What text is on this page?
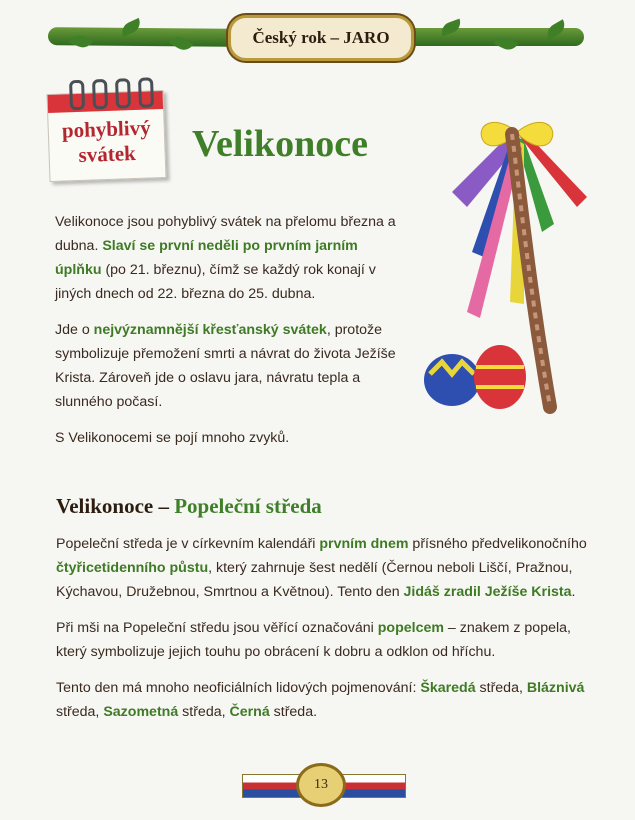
Český rok – JARO
pohyblivý
svátek	Velikonoce

Velikonoce jsou pohyblivý svátek na přelomu března a dubna. Slaví se první neděli po prvním jarním úplňku (po 21. březnu), čímž se každý rok konají v jiných dnech od 22. března do 25. dubna.

Jde o nejvýznamnější křesťanský svátek, protože symbolizuje přemožení smrti a návrat do života Ježíše Krista. Zároveň jde o oslavu jara, návratu tepla a slunného počasí.

S Velikonocemi se pojí mnoho zvyků.

Velikonoce – Popeleční středa

Popeleční středa je v církevním kalendáři prvním dnem přísného předvelikonočního čtyřicetidenního půstu, který zahrnuje šest nedělí (Černou neboli Liščí, Pražnou, Kýchavou, Družebnou, Smrtnou a Květnou). Tento den Jidáš zradil Ježíše Krista.

Při mši na Popeleční středu jsou věřící označováni popelcem – znakem z popela, který symbolizuje jejich touhu po obrácení k dobru a odklon od hříchu.

Tento den má mnoho neoficiálních lidových pojmenování: Škaredá středa, Bláznivá středa, Sazometná středa, Černá středa.

13
